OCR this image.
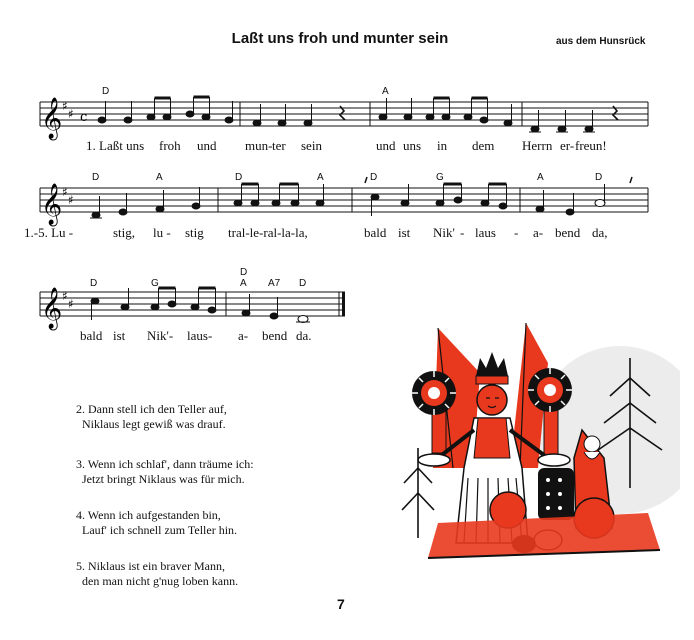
Laßt uns froh und munter sein	aus dem Hunsrück
𝄞 ♯
♯ c
D	A
1. Laßt uns froh und mun- ter sein	und uns in dem Herrn er- freun!
𝄞 ♯
♯
D	A	D	A	D	G	A	D
1.-5. Lu -	stig, lu - stig tral-le-ral-la-la,	bald ist Nik' - laus - a- bend da,
𝄞 ♯
♯
D	G
D
A A7 D
bald ist Nik'- laus- a- bend da.
2. Dann stell ich den Teller auf,
Niklaus legt gewiß was drauf.
3. Wenn ich schlaf', dann träume ich:
Jetzt bringt Niklaus was für mich.
4. Wenn ich aufgestanden bin,
Lauf' ich schnell zum Teller hin.
5. Niklaus ist ein braver Mann,
den man nicht g'nug loben kann.
7
